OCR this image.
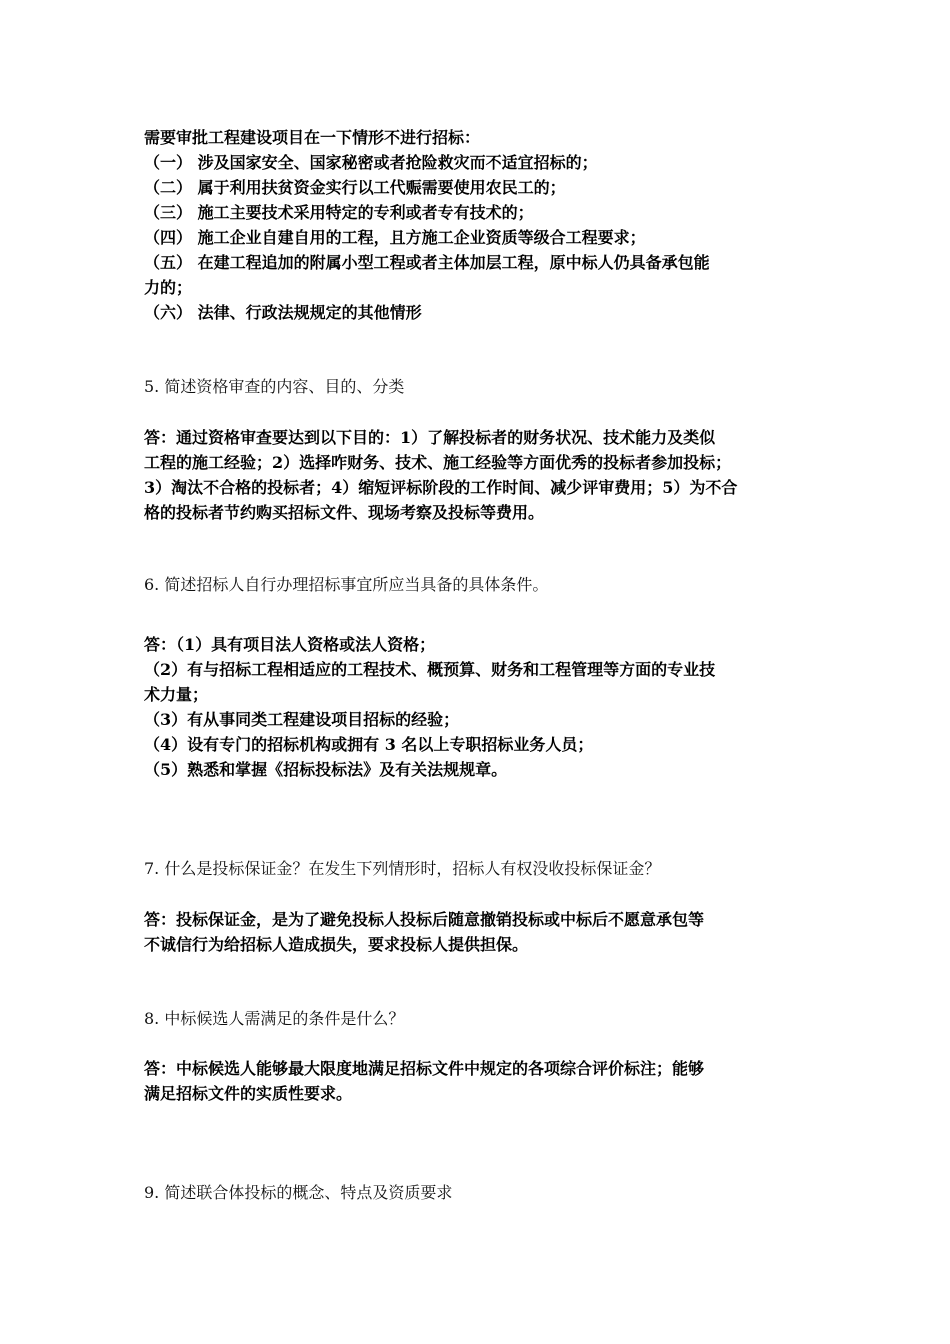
需要审批工程建设项目在一下情形不进行招标：
（一） 涉及国家安全、国家秘密或者抢险救灾而不适宜招标的；
（二） 属于利用扶贫资金实行以工代赈需要使用农民工的；
（三） 施工主要技术采用特定的专利或者专有技术的；
（四） 施工企业自建自用的工程，且方施工企业资质等级合工程要求；
（五） 在建工程追加的附属小型工程或者主体加层工程，原中标人仍具备承包能
力的；
（六） 法律、行政法规规定的其他情形
5. 简述资格审查的内容、目的、分类
答：通过资格审查要达到以下目的：1）了解投标者的财务状况、技术能力及类似
工程的施工经验；2）选择咋财务、技术、施工经验等方面优秀的投标者参加投标；
3）淘汰不合格的投标者；4）缩短评标阶段的工作时间、减少评审费用；5）为不合
格的投标者节约购买招标文件、现场考察及投标等费用。
6. 简述招标人自行办理招标事宜所应当具备的具体条件。
答：（1）具有项目法人资格或法人资格；
（2）有与招标工程相适应的工程技术、概预算、财务和工程管理等方面的专业技
术力量；
（3）有从事同类工程建设项目招标的经验；
（4）设有专门的招标机构或拥有 3 名以上专职招标业务人员；
（5）熟悉和掌握《招标投标法》及有关法规规章。
7. 什么是投标保证金？在发生下列情形时，招标人有权没收投标保证金？
答：投标保证金，是为了避免投标人投标后随意撤销投标或中标后不愿意承包等
不诚信行为给招标人造成损失，要求投标人提供担保。
8. 中标候选人需满足的条件是什么？
答：中标候选人能够最大限度地满足招标文件中规定的各项综合评价标注；能够
满足招标文件的实质性要求。
9. 简述联合体投标的概念、特点及资质要求
